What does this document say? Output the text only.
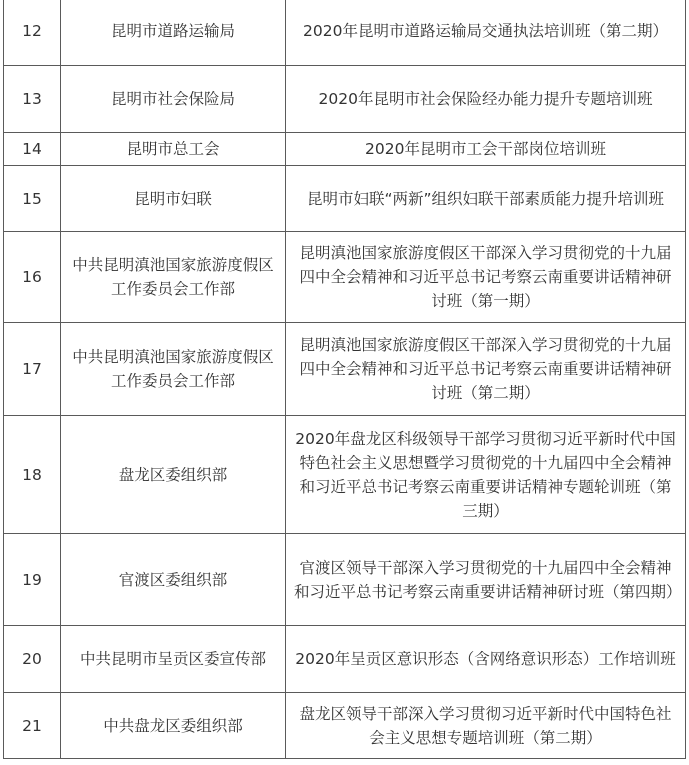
12	昆明市道路运输局	2020年昆明市道路运输局交通执法培训班（第二期）
13	昆明市社会保险局	2020年昆明市社会保险经办能力提升专题培训班
14	昆明市总工会	2020年昆明市工会干部岗位培训班
15	昆明市妇联	昆明市妇联“两新”组织妇联干部素质能力提升培训班
16	中共昆明滇池国家旅游度假区工作委员会工作部	昆明滇池国家旅游度假区干部深入学习贯彻党的十九届四中全会精神和习近平总书记考察云南重要讲话精神研讨班（第一期）
17	中共昆明滇池国家旅游度假区工作委员会工作部	昆明滇池国家旅游度假区干部深入学习贯彻党的十九届四中全会精神和习近平总书记考察云南重要讲话精神研讨班（第二期）
18	盘龙区委组织部	2020年盘龙区科级领导干部学习贯彻习近平新时代中国特色社会主义思想暨学习贯彻党的十九届四中全会精神和习近平总书记考察云南重要讲话精神专题轮训班（第三期）
19	官渡区委组织部	官渡区领导干部深入学习贯彻党的十九届四中全会精神和习近平总书记考察云南重要讲话精神研讨班（第四期）
20	中共昆明市呈贡区委宣传部	2020年呈贡区意识形态（含网络意识形态）工作培训班
21	中共盘龙区委组织部	盘龙区领导干部深入学习贯彻习近平新时代中国特色社会主义思想专题培训班（第二期）
